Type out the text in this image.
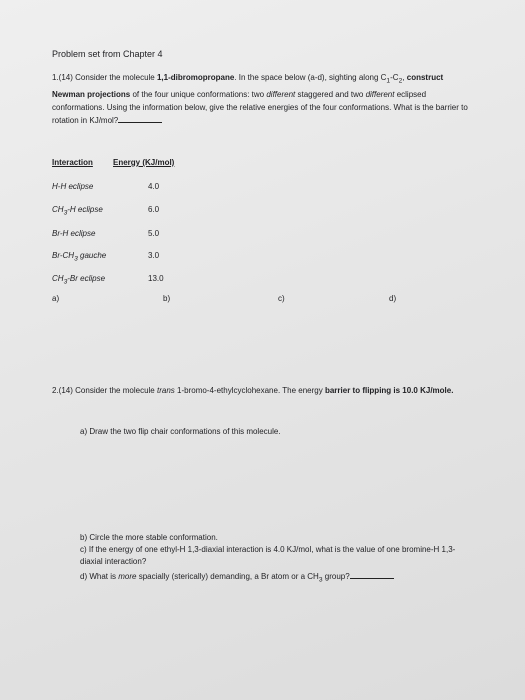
Problem set from Chapter 4
1.(14) Consider the molecule 1,1-dibromopropane. In the space below (a-d), sighting along $C_1-C_2$, construct Newman projections of the four unique conformations: two different staggered and two different eclipsed conformations. Using the information below, give the relative energies of the four conformations. What is the barrier to rotation in KJ/mol?
Interaction	Energy (KJ/mol)
H-H eclipse	4.0
$CH_3-H$ eclipse	6.0
Br-H eclipse	5.0
$Br-CH_3$ gauche	3.0
$CH_3-Br$ eclipse	13.0
a)	b)	c)	d)
2.(14) Consider the molecule trans 1-bromo-4-ethylcyclohexane. The energy barrier to flipping is 10.0 KJ/mole.
a) Draw the two flip chair conformations of this molecule.
b) Circle the more stable conformation.
c) If the energy of one ethyl-H 1,3-diaxial interaction is 4.0 KJ/mol, what is the value of one bromine-H 1,3-diaxial interaction?
d) What is more spacially (sterically) demanding, a Br atom or a $CH_3$ group?
